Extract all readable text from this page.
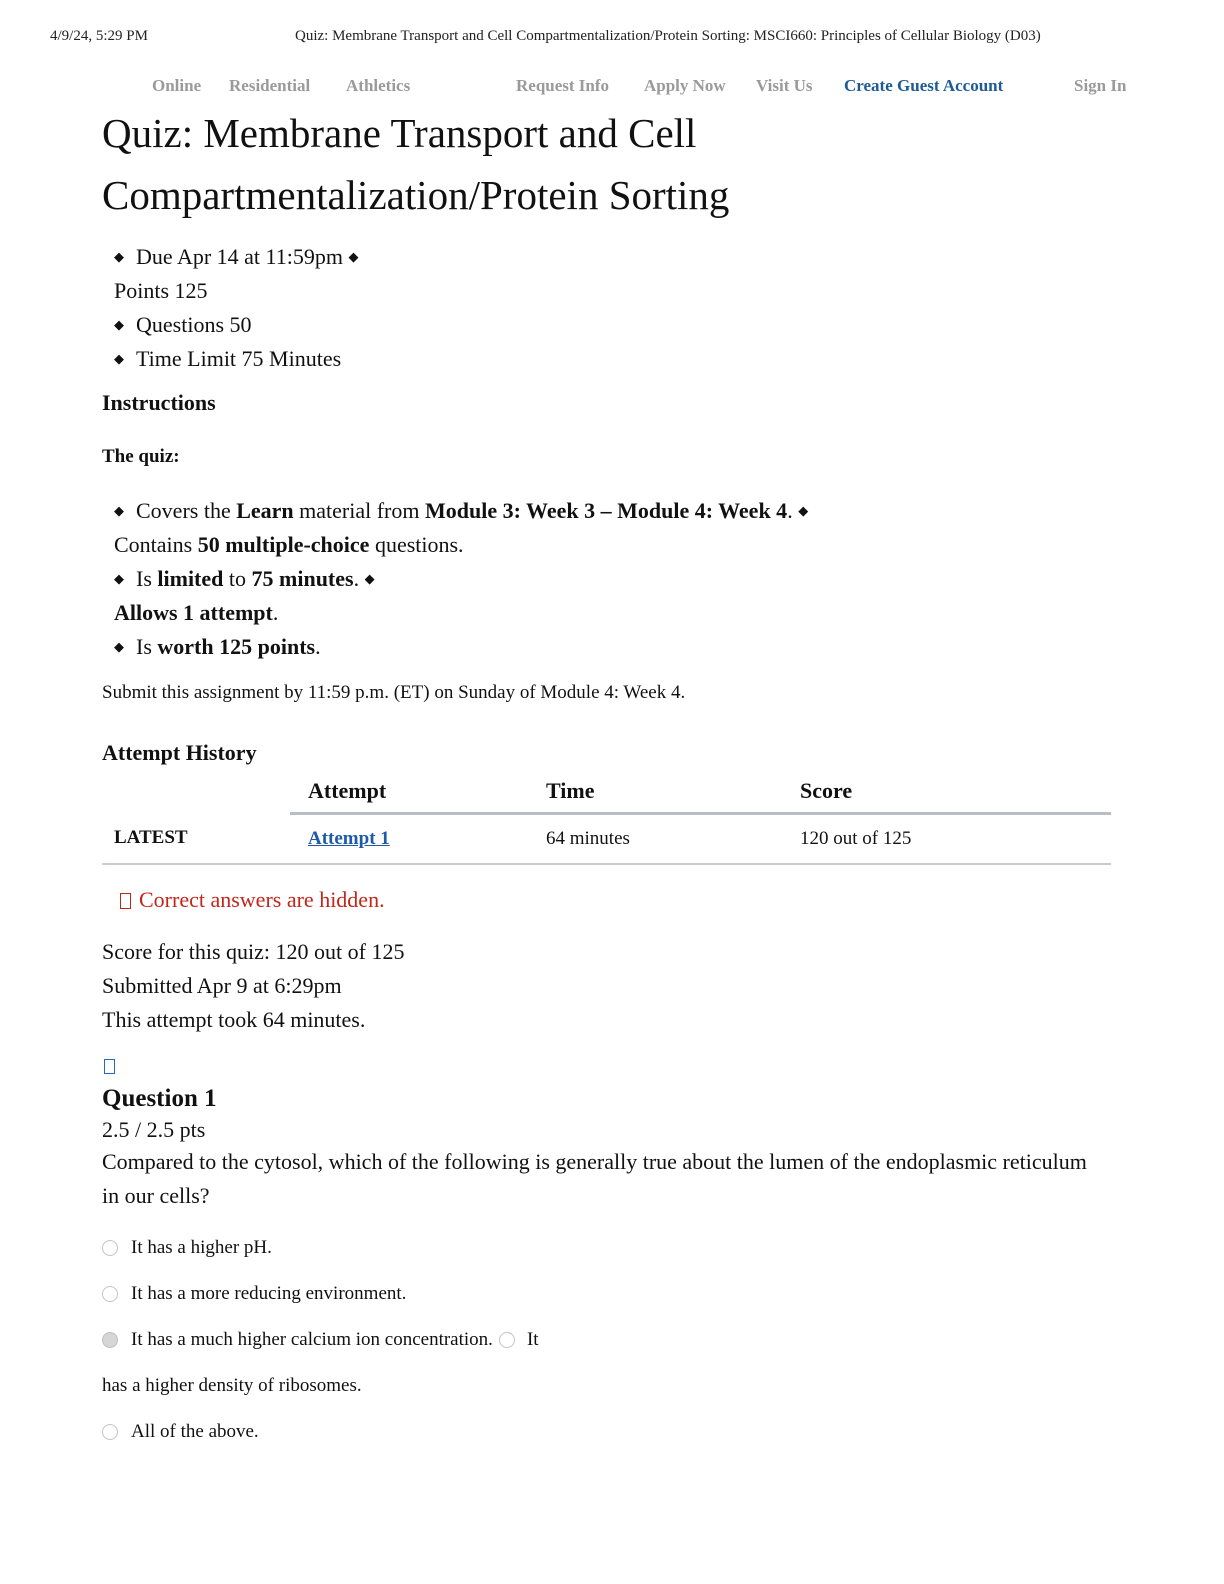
4/9/24, 5:29 PM	Quiz: Membrane Transport and Cell Compartmentalization/Protein Sorting: MSCI660: Principles of Cellular Biology (D03)
Online Residential Athletics	Request Info Apply Now Visit Us Create Guest Account	Sign In
Quiz: Membrane Transport and Cell
Compartmentalization/Protein Sorting
◆ Due Apr 14 at 11:59pm ◆
Points 125
◆ Questions 50
◆ Time Limit 75 Minutes
Instructions
The quiz:
◆ Covers the Learn material from Module 3: Week 3 – Module 4: Week 4. ◆
Contains 50 multiple-choice questions.
◆ Is limited to 75 minutes. ◆
Allows 1 attempt.
◆ Is worth 125 points.
Submit this assignment by 11:59 p.m. (ET) on Sunday of Module 4: Week 4.
Attempt History
	Attempt	Time	Score
LATEST	Attempt 1	64 minutes	120 out of 125
Correct answers are hidden.
Score for this quiz: 120 out of 125
Submitted Apr 9 at 6:29pm
This attempt took 64 minutes.
Question 1
2.5 / 2.5 pts
Compared to the cytosol, which of the following is generally true about the lumen of the endoplasmic reticulum in our cells?
It has a higher pH.
It has a more reducing environment.
It has a much higher calcium ion concentration. It
has a higher density of ribosomes.
All of the above.
